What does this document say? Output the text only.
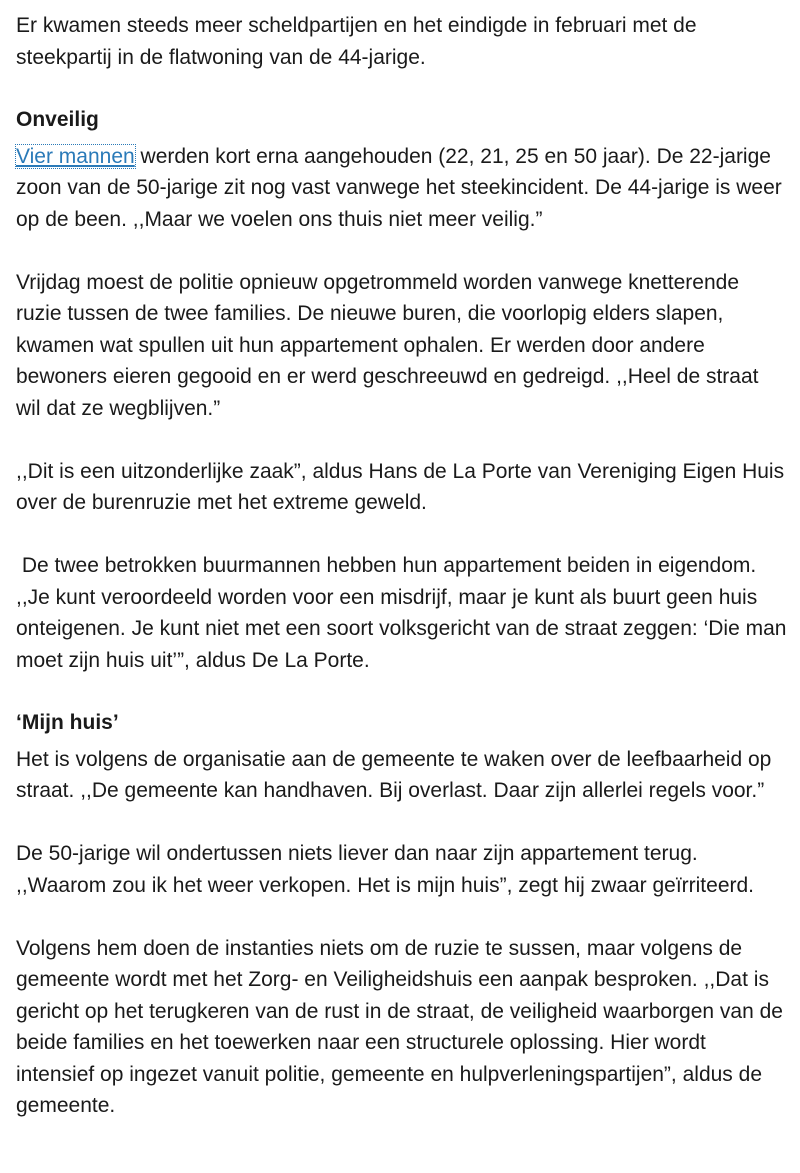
Er kwamen steeds meer scheldpartijen en het eindigde in februari met de steekpartij in de flatwoning van de 44-jarige.

Onveilig

Vier mannen werden kort erna aangehouden (22, 21, 25 en 50 jaar). De 22-jarige zoon van de 50-jarige zit nog vast vanwege het steekincident. De 44-jarige is weer op de been. ,,Maar we voelen ons thuis niet meer veilig.”

Vrijdag moest de politie opnieuw opgetrommeld worden vanwege knetterende ruzie tussen de twee families. De nieuwe buren, die voorlopig elders slapen, kwamen wat spullen uit hun appartement ophalen. Er werden door andere bewoners eieren gegooid en er werd geschreeuwd en gedreigd. ,,Heel de straat wil dat ze wegblijven.”

,,Dit is een uitzonderlijke zaak”, aldus Hans de La Porte van Vereniging Eigen Huis over de burenruzie met het extreme geweld.

De twee betrokken buurmannen hebben hun appartement beiden in eigendom. ,,Je kunt veroordeeld worden voor een misdrijf, maar je kunt als buurt geen huis onteigenen. Je kunt niet met een soort volksgericht van de straat zeggen: ‘Die man moet zijn huis uit’”, aldus De La Porte.

‘Mijn huis’

Het is volgens de organisatie aan de gemeente te waken over de leefbaarheid op straat. ,,De gemeente kan handhaven. Bij overlast. Daar zijn allerlei regels voor.”

De 50-jarige wil ondertussen niets liever dan naar zijn appartement terug. ,,Waarom zou ik het weer verkopen. Het is mijn huis”, zegt hij zwaar geïrriteerd.

Volgens hem doen de instanties niets om de ruzie te sussen, maar volgens de gemeente wordt met het Zorg- en Veiligheidshuis een aanpak besproken. ,,Dat is gericht op het terugkeren van de rust in de straat, de veiligheid waarborgen van de beide families en het toewerken naar een structurele oplossing. Hier wordt intensief op ingezet vanuit politie, gemeente en hulpverleningspartijen”, aldus de gemeente.
